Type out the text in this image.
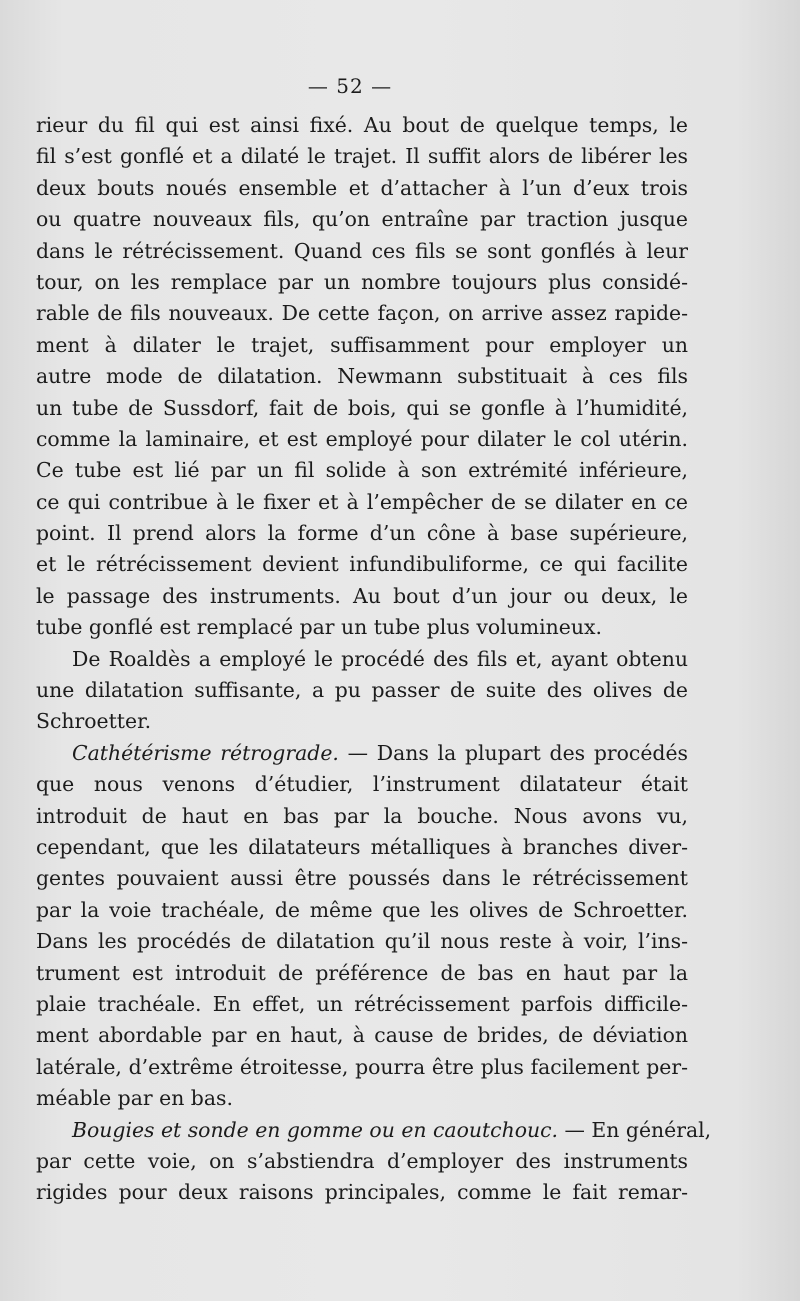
— 52 —
rieur du fil qui est ainsi fixé. Au bout de quelque temps, le
fil s’est gonflé et a dilaté le trajet. Il suffit alors de libérer les
deux bouts noués ensemble et d’attacher à l’un d’eux trois
ou quatre nouveaux fils, qu’on entraîne par traction jusque
dans le rétrécissement. Quand ces fils se sont gonflés à leur
tour, on les remplace par un nombre toujours plus considé-
rable de fils nouveaux. De cette façon, on arrive assez rapide-
ment à dilater le trajet, suffisamment pour employer un
autre mode de dilatation. Newmann substituait à ces fils
un tube de Sussdorf, fait de bois, qui se gonfle à l’humidité,
comme la laminaire, et est employé pour dilater le col utérin.
Ce tube est lié par un fil solide à son extrémité inférieure,
ce qui contribue à le fixer et à l’empêcher de se dilater en ce
point. Il prend alors la forme d’un cône à base supérieure,
et le rétrécissement devient infundibuliforme, ce qui facilite
le passage des instruments. Au bout d’un jour ou deux, le
tube gonflé est remplacé par un tube plus volumineux.
De Roaldès a employé le procédé des fils et, ayant obtenu
une dilatation suffisante, a pu passer de suite des olives de
Schroetter.
Cathétérisme rétrograde. — Dans la plupart des procédés
que nous venons d’étudier, l’instrument dilatateur était
introduit de haut en bas par la bouche. Nous avons vu,
cependant, que les dilatateurs métalliques à branches diver-
gentes pouvaient aussi être poussés dans le rétrécissement
par la voie trachéale, de même que les olives de Schroetter.
Dans les procédés de dilatation qu’il nous reste à voir, l’ins-
trument est introduit de préférence de bas en haut par la
plaie trachéale. En effet, un rétrécissement parfois difficile-
ment abordable par en haut, à cause de brides, de déviation
latérale, d’extrême étroitesse, pourra être plus facilement per-
méable par en bas.
Bougies et sonde en gomme ou en caoutchouc. — En général,
par cette voie, on s’abstiendra d’employer des instruments
rigides pour deux raisons principales, comme le fait remar-
